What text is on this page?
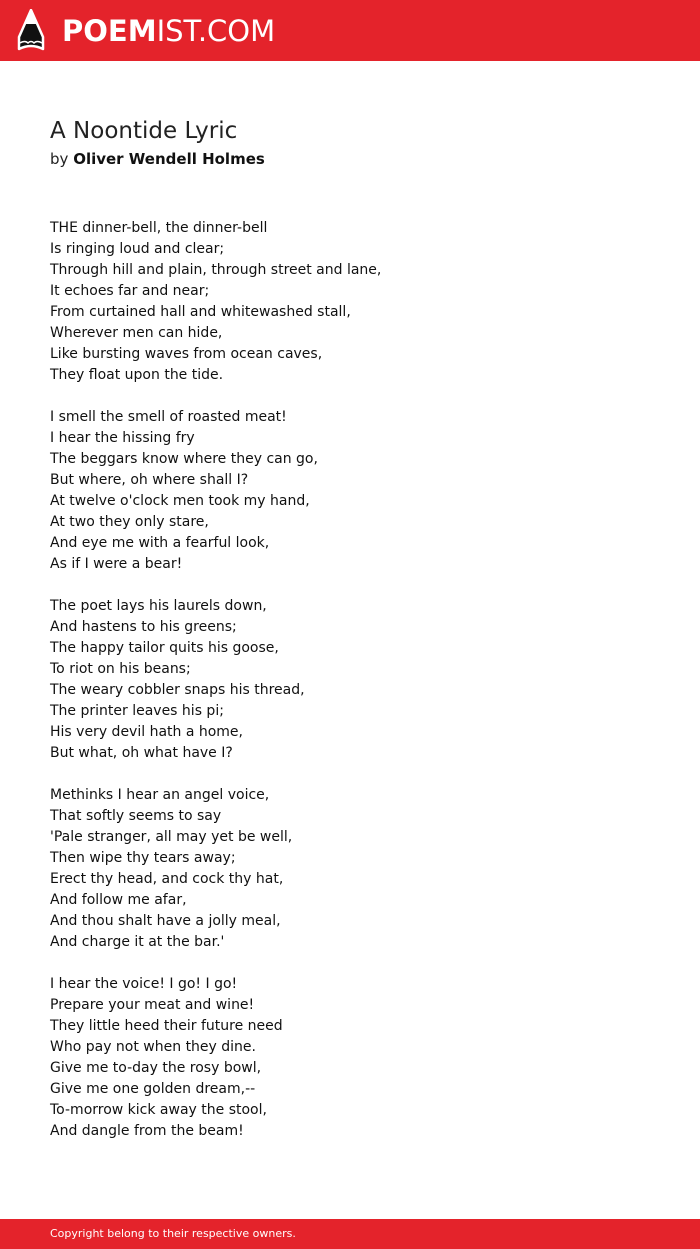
POEMIST.COM
A Noontide Lyric
by Oliver Wendell Holmes
THE dinner-bell, the dinner-bell
Is ringing loud and clear;
Through hill and plain, through street and lane,
It echoes far and near;
From curtained hall and whitewashed stall,
Wherever men can hide,
Like bursting waves from ocean caves,
They float upon the tide.
I smell the smell of roasted meat!
I hear the hissing fry
The beggars know where they can go,
But where, oh where shall I?
At twelve o'clock men took my hand,
At two they only stare,
And eye me with a fearful look,
As if I were a bear!
The poet lays his laurels down,
And hastens to his greens;
The happy tailor quits his goose,
To riot on his beans;
The weary cobbler snaps his thread,
The printer leaves his pi;
His very devil hath a home,
But what, oh what have I?
Methinks I hear an angel voice,
That softly seems to say
'Pale stranger, all may yet be well,
Then wipe thy tears away;
Erect thy head, and cock thy hat,
And follow me afar,
And thou shalt have a jolly meal,
And charge it at the bar.'
I hear the voice! I go! I go!
Prepare your meat and wine!
They little heed their future need
Who pay not when they dine.
Give me to-day the rosy bowl,
Give me one golden dream,--
To-morrow kick away the stool,
And dangle from the beam!
Copyright belong to their respective owners.
